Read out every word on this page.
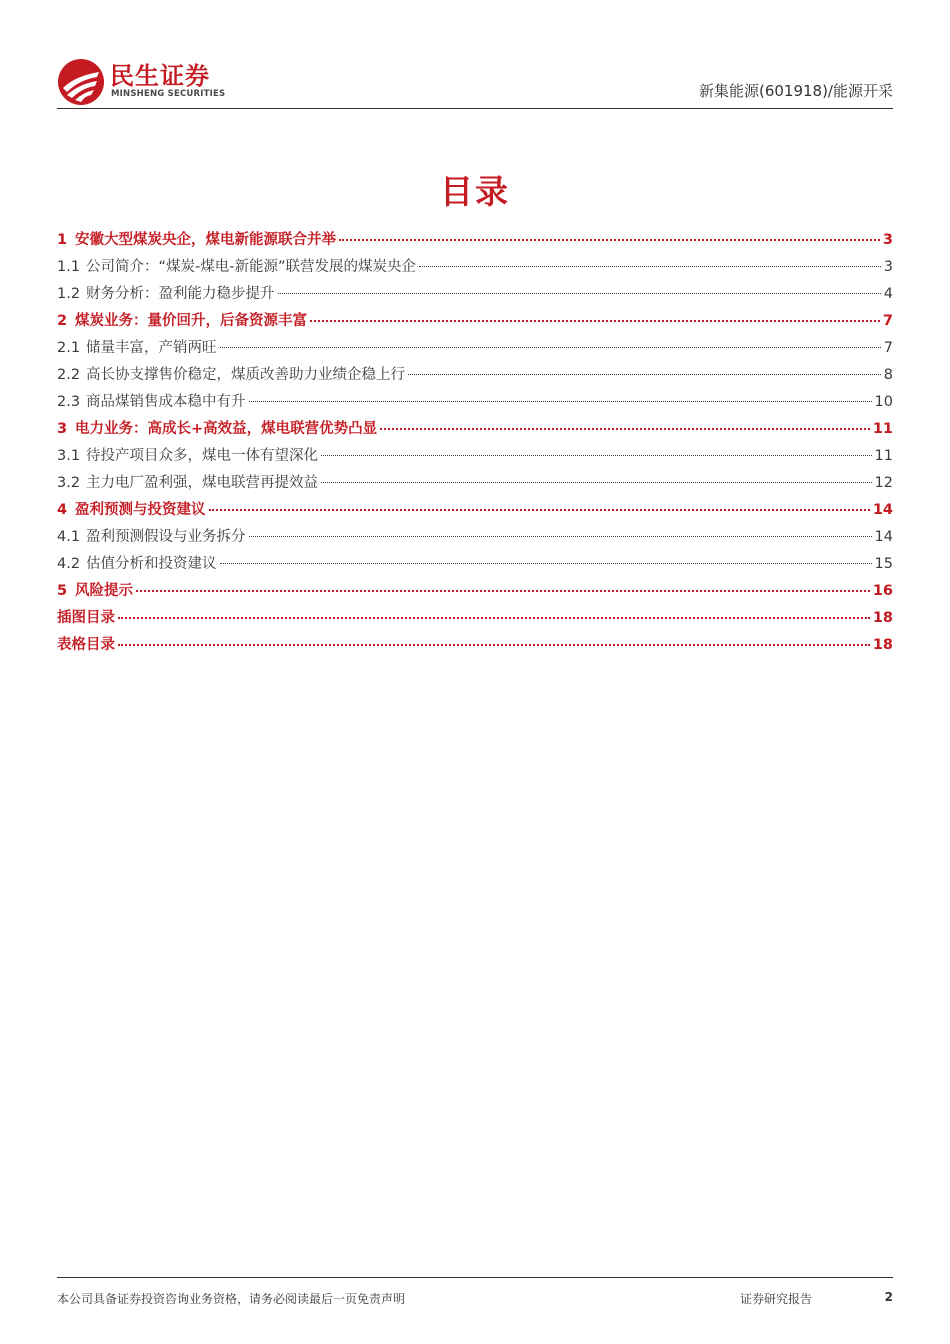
民生证券
MINSHENG SECURITIES	新集能源(601918)/能源开采
目录
1 安徽大型煤炭央企，煤电新能源联合并举	3
1.1 公司简介：“煤炭-煤电-新能源”联营发展的煤炭央企	3
1.2 财务分析：盈利能力稳步提升	4
2 煤炭业务：量价回升，后备资源丰富	7
2.1 储量丰富，产销两旺	7
2.2 高长协支撑售价稳定，煤质改善助力业绩企稳上行	8
2.3 商品煤销售成本稳中有升	10
3 电力业务：高成长+高效益，煤电联营优势凸显	11
3.1 待投产项目众多，煤电一体有望深化	11
3.2 主力电厂盈利强，煤电联营再提效益	12
4 盈利预测与投资建议	14
4.1 盈利预测假设与业务拆分	14
4.2 估值分析和投资建议	15
5 风险提示	16
插图目录	18
表格目录	18
本公司具备证券投资咨询业务资格，请务必阅读最后一页免责声明	证券研究报告	2
